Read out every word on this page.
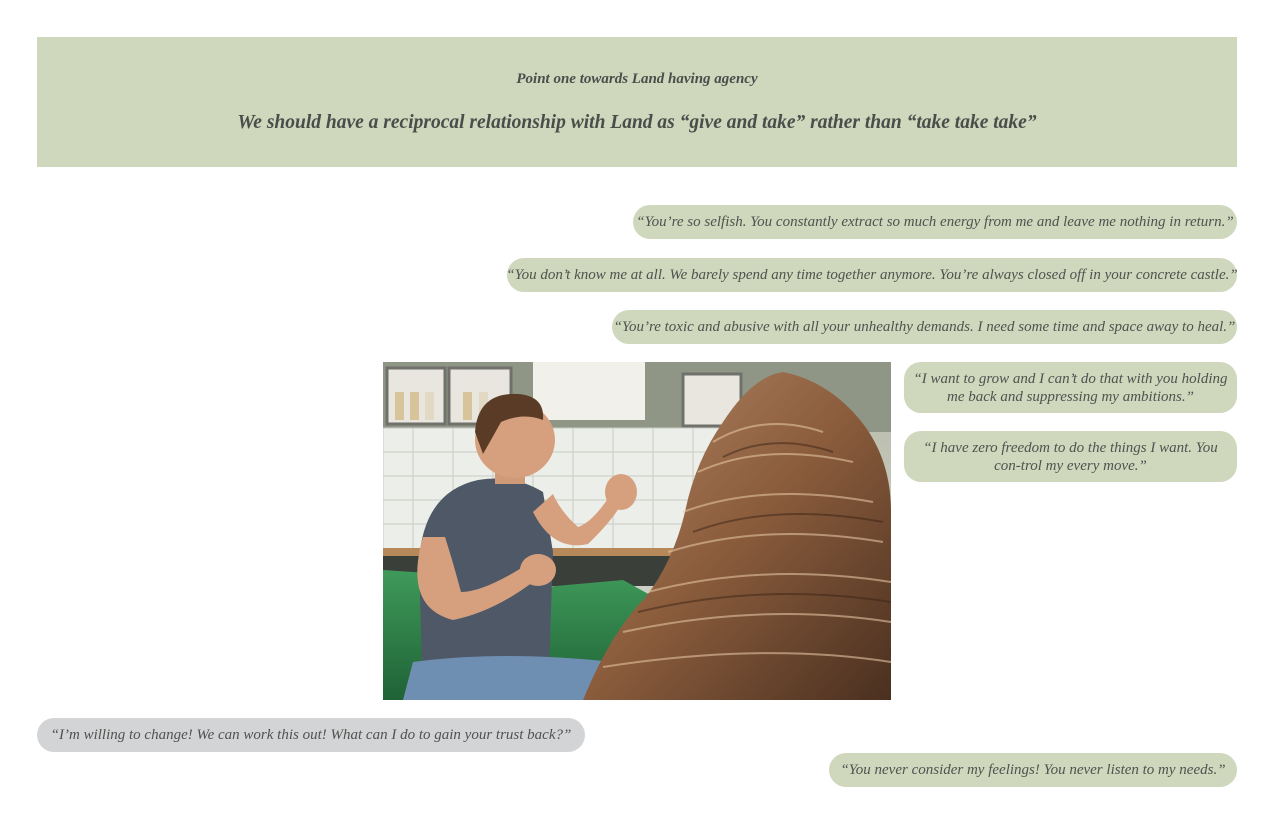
Point one towards Land having agency
We should have a reciprocal relationship with Land as “give and take” rather than “take take take”
“You’re so selfish. You constantly extract so much energy from me and leave me nothing in return.”
“You don’t know me at all. We barely spend any time together anymore. You’re always closed off in your concrete castle.”
“You’re toxic and abusive with all your unhealthy demands. I need some time and space away to heal.”
“I want to grow and I can’t do that with you holding me back and suppressing my ambitions.”
“I have zero freedom to do the things I want. You con-trol my every move.”
“I’m willing to change! We can work this out! What can I do to gain your trust back?”
“You never consider my feelings! You never listen to my needs.”
